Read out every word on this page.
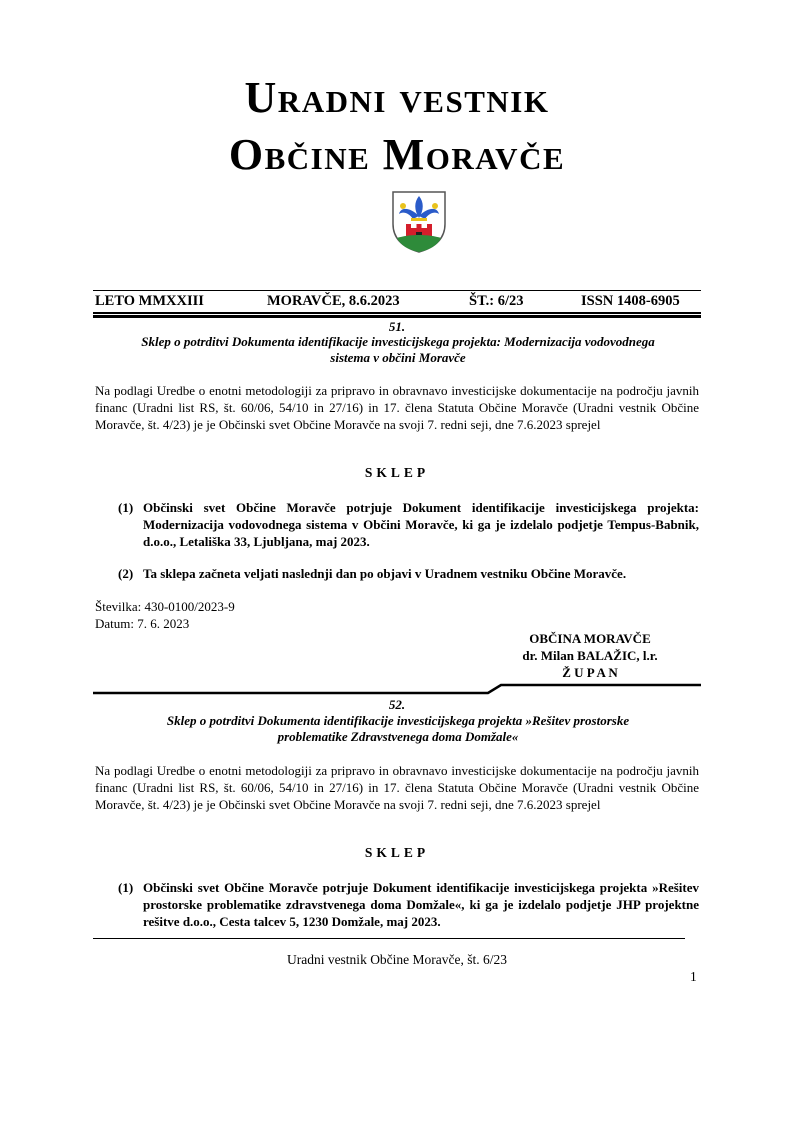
Uradni vestnik
Občine Moravče
LETO MMXXIII	MORAVČE, 8.6.2023	ŠT.: 6/23	ISSN 1408-6905
51.
Sklep o potrditvi Dokumenta identifikacije investicijskega projekta: Modernizacija vodovodnega
sistema v občini Moravče
Na podlagi Uredbe o enotni metodologiji za pripravo in obravnavo investicijske dokumentacije na področju javnih financ (Uradni list RS, št. 60/06, 54/10 in 27/16) in 17. člena Statuta Občine Moravče (Uradni vestnik Občine Moravče, št. 4/23) je je Občinski svet Občine Moravče na svoji 7. redni seji, dne 7.6.2023 sprejel
SKLEP
(1) Občinski svet Občine Moravče potrjuje Dokument identifikacije investicijskega projekta: Modernizacija vodovodnega sistema v Občini Moravče, ki ga je izdelalo podjetje Tempus-Babnik, d.o.o., Letališka 33, Ljubljana, maj 2023.
(2) Ta sklepa začneta veljati naslednji dan po objavi v Uradnem vestniku Občine Moravče.
Številka: 430-0100/2023-9
Datum: 7. 6. 2023
OBČINA MORAVČE
dr. Milan BALAŽIC, l.r.
Ž U P A N
52.
Sklep o potrditvi Dokumenta identifikacije investicijskega projekta »Rešitev prostorske
problematike Zdravstvenega doma Domžale«
Na podlagi Uredbe o enotni metodologiji za pripravo in obravnavo investicijske dokumentacije na področju javnih financ (Uradni list RS, št. 60/06, 54/10 in 27/16) in 17. člena Statuta Občine Moravče (Uradni vestnik Občine Moravče, št. 4/23) je je Občinski svet Občine Moravče na svoji 7. redni seji, dne 7.6.2023 sprejel
SKLEP
(1) Občinski svet Občine Moravče potrjuje Dokument identifikacije investicijskega projekta »Rešitev prostorske problematike zdravstvenega doma Domžale«, ki ga je izdelalo podjetje JHP projektne rešitve d.o.o., Cesta talcev 5, 1230 Domžale, maj 2023.
Uradni vestnik Občine Moravče, št. 6/23
1
